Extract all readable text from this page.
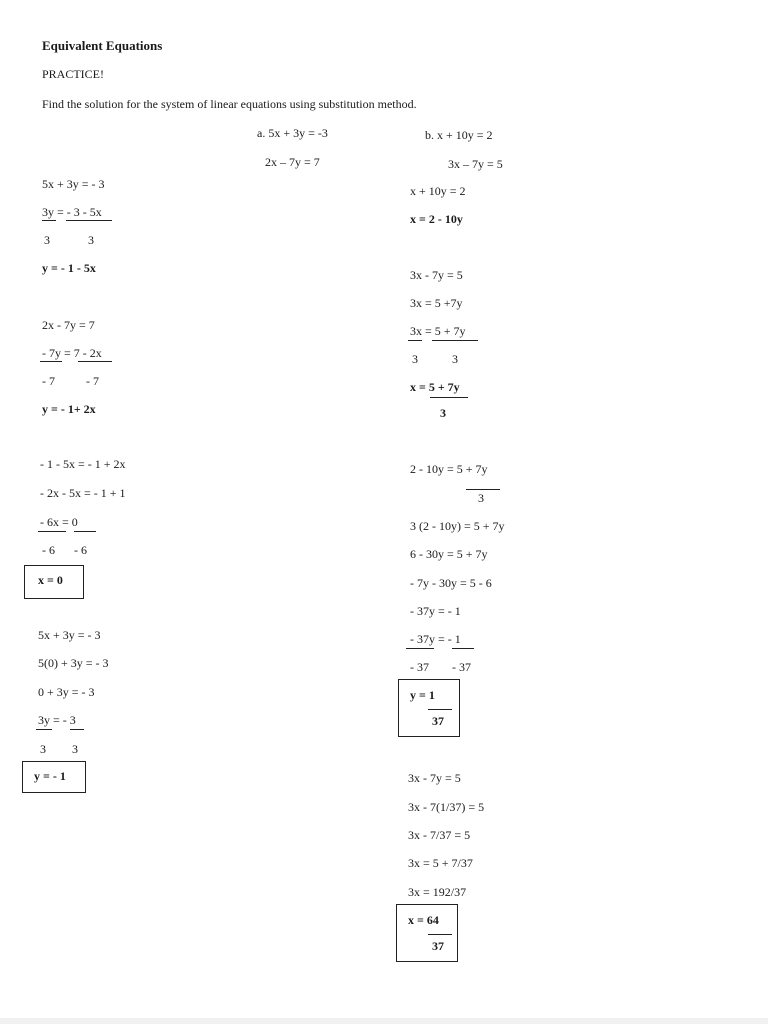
Equivalent Equations
PRACTICE!
Find the solution for the system of linear equations using substitution method.
a. 5x + 3y = -3
2x – 7y = 7
b. x + 10y = 2
3x – 7y = 5
5x + 3y = - 3
3y = - 3 - 5x
3	3
y = - 1 - 5x
2x - 7y = 7
- 7y = 7 - 2x
- 7	- 7
y = - 1+ 2x
- 1 - 5x = - 1 + 2x
- 2x - 5x = - 1 + 1
- 6x = 0
- 6 - 6
x = 0
5x + 3y = - 3
5(0) + 3y = - 3
0 + 3y = - 3
3y = - 3
3 3
y = - 1
x + 10y = 2
x = 2 - 10y
3x - 7y = 5
3x = 5 +7y
3x = 5 + 7y
3	3
x = 5 + 7y
3
2 - 10y = 5 + 7y
3
3 (2 - 10y) = 5 + 7y
6 - 30y = 5 + 7y
- 7y - 30y = 5 - 6
- 37y = - 1
- 37y = - 1
- 37 - 37
y = 1
37
3x - 7y = 5
3x - 7(1/37) = 5
3x - 7/37 = 5
3x = 5 + 7/37
3x = 192/37
x = 64
37
